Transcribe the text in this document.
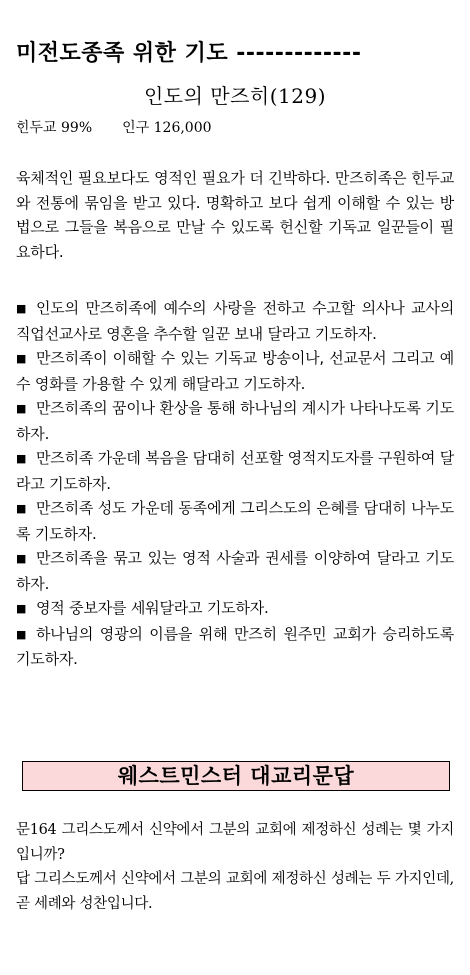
미전도종족 위한 기도 -------------
인도의 만즈히(129)
힌두교 99% 인구 126,000
육체적인 필요보다도 영적인 필요가 더 긴박하다. 만즈히족은 힌두교와 전통에 묶임을 받고 있다. 명확하고 보다 쉽게 이해할 수 있는 방법으로 그들을 복음으로 만날 수 있도록 헌신할 기독교 일꾼들이 필요하다.
■ 인도의 만즈히족에 예수의 사랑을 전하고 수고할 의사나 교사의 직업선교사로 영혼을 추수할 일꾼 보내 달라고 기도하자.
■ 만즈히족이 이해할 수 있는 기독교 방송이나, 선교문서 그리고 예수 영화를 가용할 수 있게 해달라고 기도하자.
■ 만즈히족의 꿈이나 환상을 통해 하나님의 계시가 나타나도록 기도하자.
■ 만즈히족 가운데 복음을 담대히 선포할 영적지도자를 구원하여 달라고 기도하자.
■ 만즈히족 성도 가운데 동족에게 그리스도의 은혜를 담대히 나누도록 기도하자.
■ 만즈히족을 묶고 있는 영적 사술과 권세를 이양하여 달라고 기도 하자.
■ 영적 중보자를 세워달라고 기도하자.
■ 하나님의 영광의 이름을 위해 만즈히 원주민 교회가 승리하도록 기도하자.
웨스트민스터 대교리문답

문164 그리스도께서 신약에서 그분의 교회에 제정하신 성례는 몇 가지입니까?

답 그리스도께서 신약에서 그분의 교회에 제정하신 성례는 두 가지인데, 곧 세례와 성찬입니다.
